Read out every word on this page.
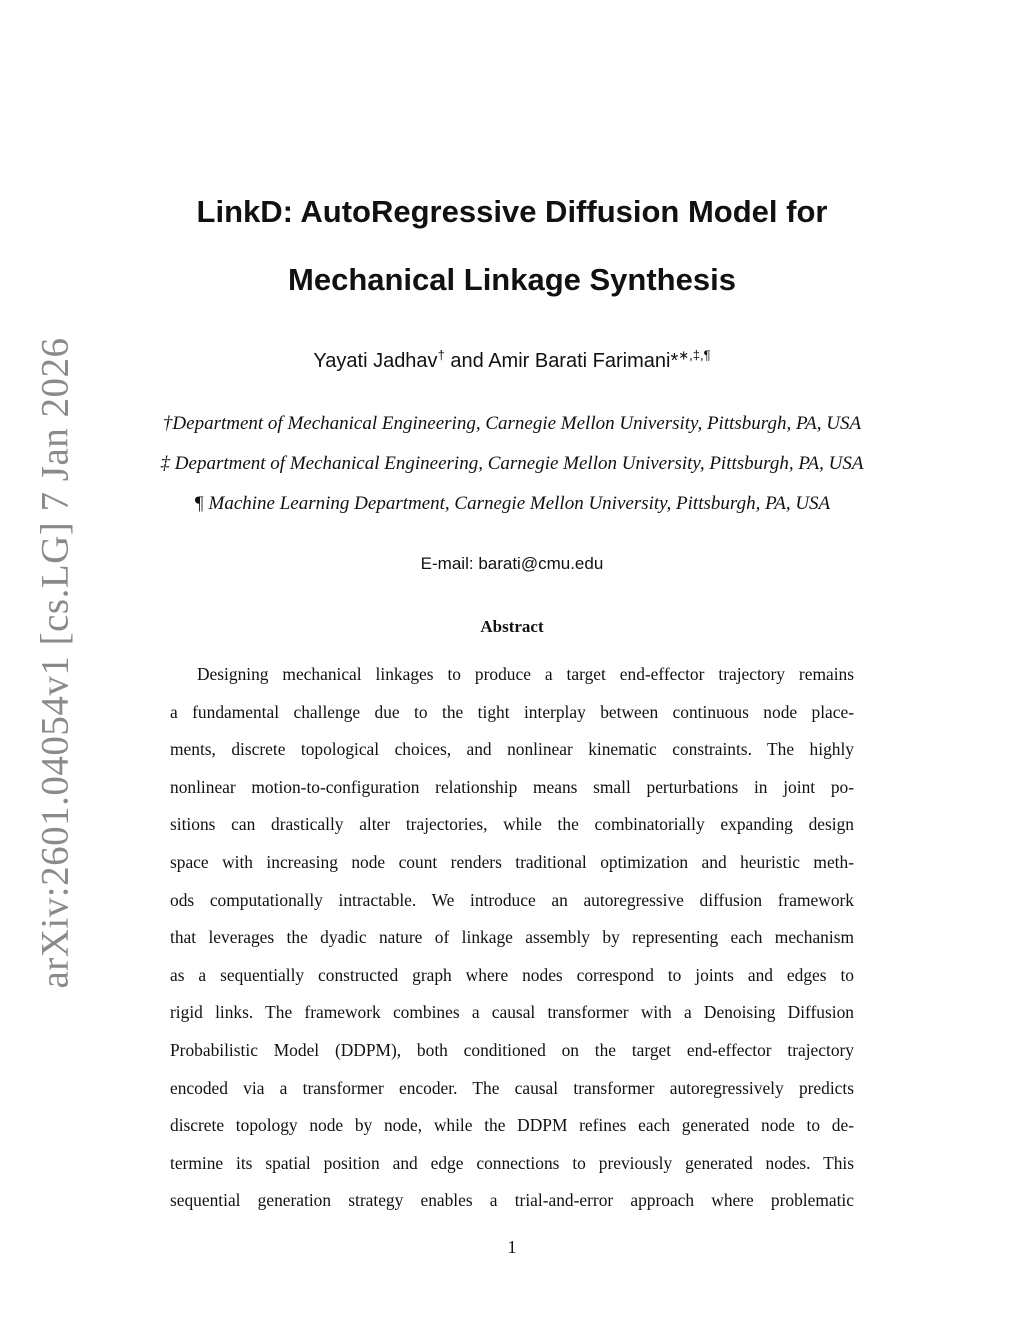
arXiv:2601.04054v1 [cs.LG] 7 Jan 2026
LinkD: AutoRegressive Diffusion Model for
Mechanical Linkage Synthesis
Yayati Jadhav† and Amir Barati Farimani*∗,‡,¶
†Department of Mechanical Engineering, Carnegie Mellon University, Pittsburgh, PA, USA
‡ Department of Mechanical Engineering, Carnegie Mellon University, Pittsburgh, PA, USA
¶ Machine Learning Department, Carnegie Mellon University, Pittsburgh, PA, USA
E-mail: barati@cmu.edu
Abstract
Designing mechanical linkages to produce a target end-effector trajectory remains
a fundamental challenge due to the tight interplay between continuous node place-
ments, discrete topological choices, and nonlinear kinematic constraints. The highly
nonlinear motion-to-configuration relationship means small perturbations in joint po-
sitions can drastically alter trajectories, while the combinatorially expanding design
space with increasing node count renders traditional optimization and heuristic meth-
ods computationally intractable. We introduce an autoregressive diffusion framework
that leverages the dyadic nature of linkage assembly by representing each mechanism
as a sequentially constructed graph where nodes correspond to joints and edges to
rigid links. The framework combines a causal transformer with a Denoising Diffusion
Probabilistic Model (DDPM), both conditioned on the target end-effector trajectory
encoded via a transformer encoder. The causal transformer autoregressively predicts
discrete topology node by node, while the DDPM refines each generated node to de-
termine its spatial position and edge connections to previously generated nodes. This
sequential generation strategy enables a trial-and-error approach where problematic
1
